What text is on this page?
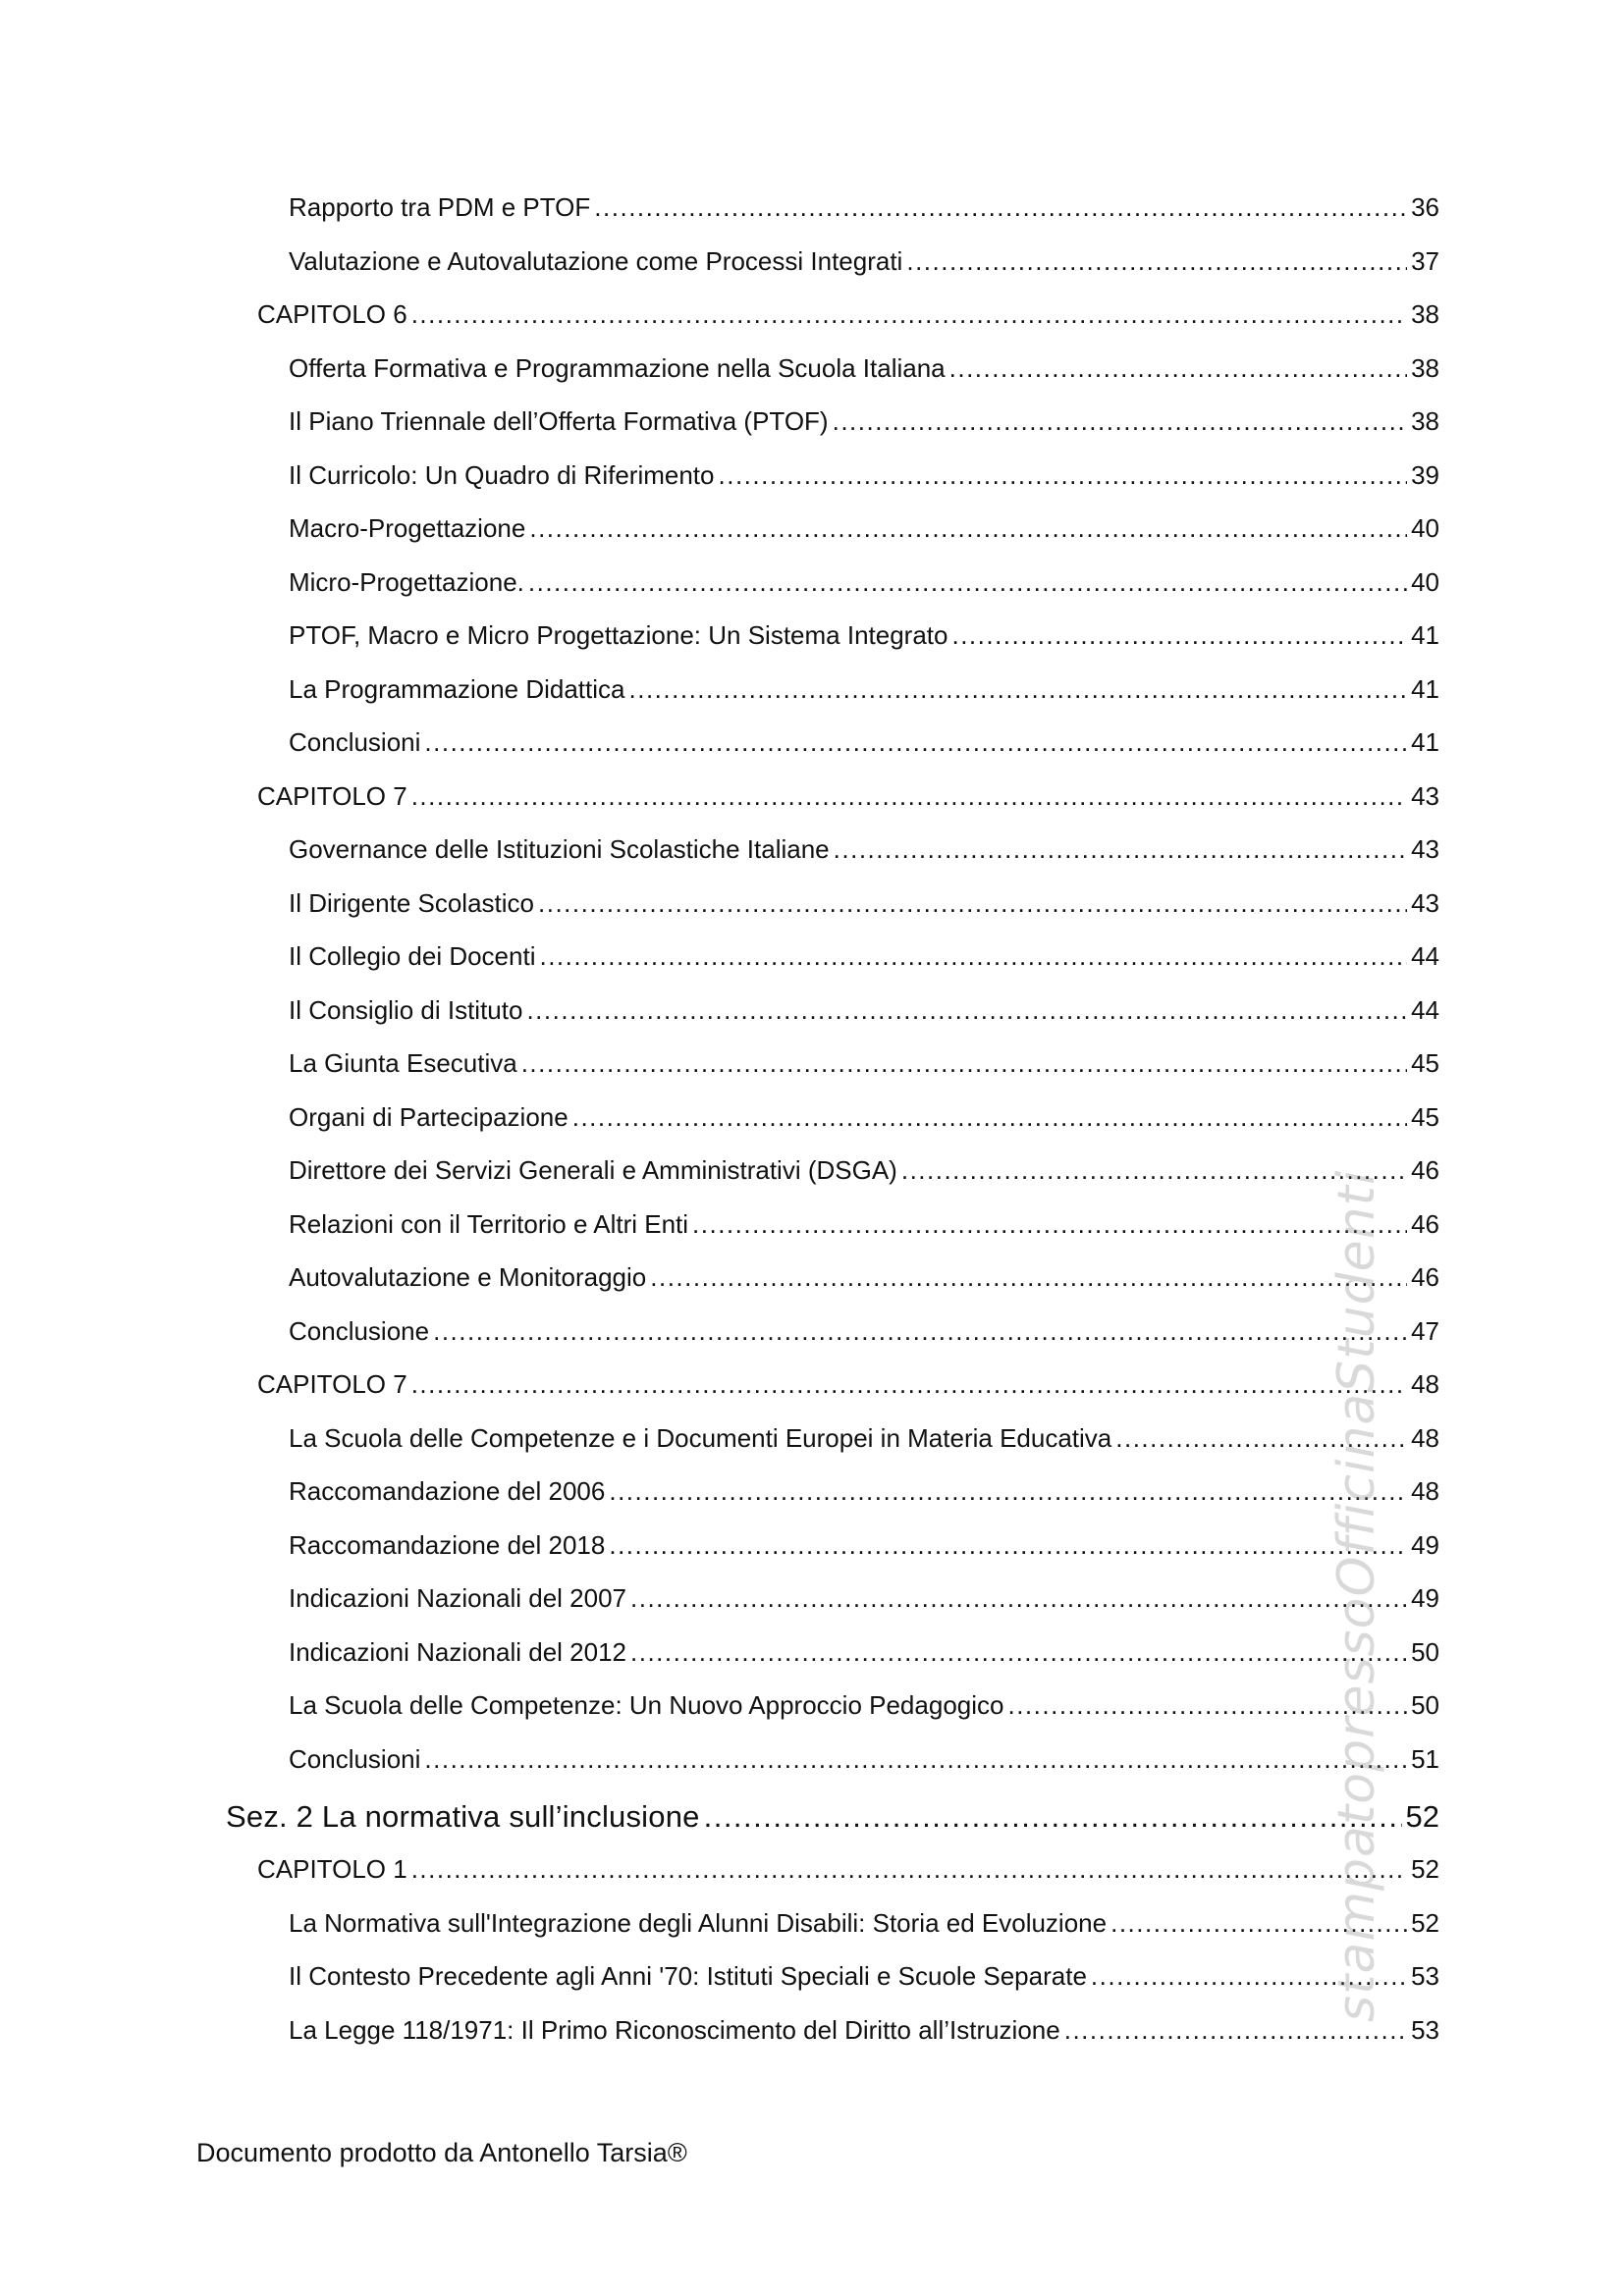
Rapporto tra PDM e PTOF .....	36
Valutazione e Autovalutazione come Processi Integrati .....	37
CAPITOLO 6 .....	38
Offerta Formativa e Programmazione nella Scuola Italiana .....	38
Il Piano Triennale dell’Offerta Formativa (PTOF) .....	38
Il Curricolo: Un Quadro di Riferimento .....	39
Macro-Progettazione .....	40
Micro-Progettazione. .....	40
PTOF, Macro e Micro Progettazione: Un Sistema Integrato .....	41
La Programmazione Didattica .....	41
Conclusioni .....	41
CAPITOLO 7 .....	43
Governance delle Istituzioni Scolastiche Italiane .....	43
Il Dirigente Scolastico .....	43
Il Collegio dei Docenti .....	44
Il Consiglio di Istituto .....	44
La Giunta Esecutiva .....	45
Organi di Partecipazione .....	45
Direttore dei Servizi Generali e Amministrativi (DSGA) .....	46
Relazioni con il Territorio e Altri Enti .....	46
Autovalutazione e Monitoraggio .....	46
Conclusione .....	47
CAPITOLO 7 .....	48
La Scuola delle Competenze e i Documenti Europei in Materia Educativa .....	48
Raccomandazione del 2006 .....	48
Raccomandazione del 2018 .....	49
Indicazioni Nazionali del 2007 .....	49
Indicazioni Nazionali del 2012 .....	50
La Scuola delle Competenze: Un Nuovo Approccio Pedagogico .....	50
Conclusioni .....	51
Sez. 2 La normativa sull’inclusione .....	52
CAPITOLO 1 .....	52
La Normativa sull'Integrazione degli Alunni Disabili: Storia ed Evoluzione .....	52
Il Contesto Precedente agli Anni '70: Istituti Speciali e Scuole Separate .....	53
La Legge 118/1971: Il Primo Riconoscimento del Diritto all’Istruzione .....	53
stampatopressoOfficinaStudenti
Documento prodotto da Antonello Tarsia®
